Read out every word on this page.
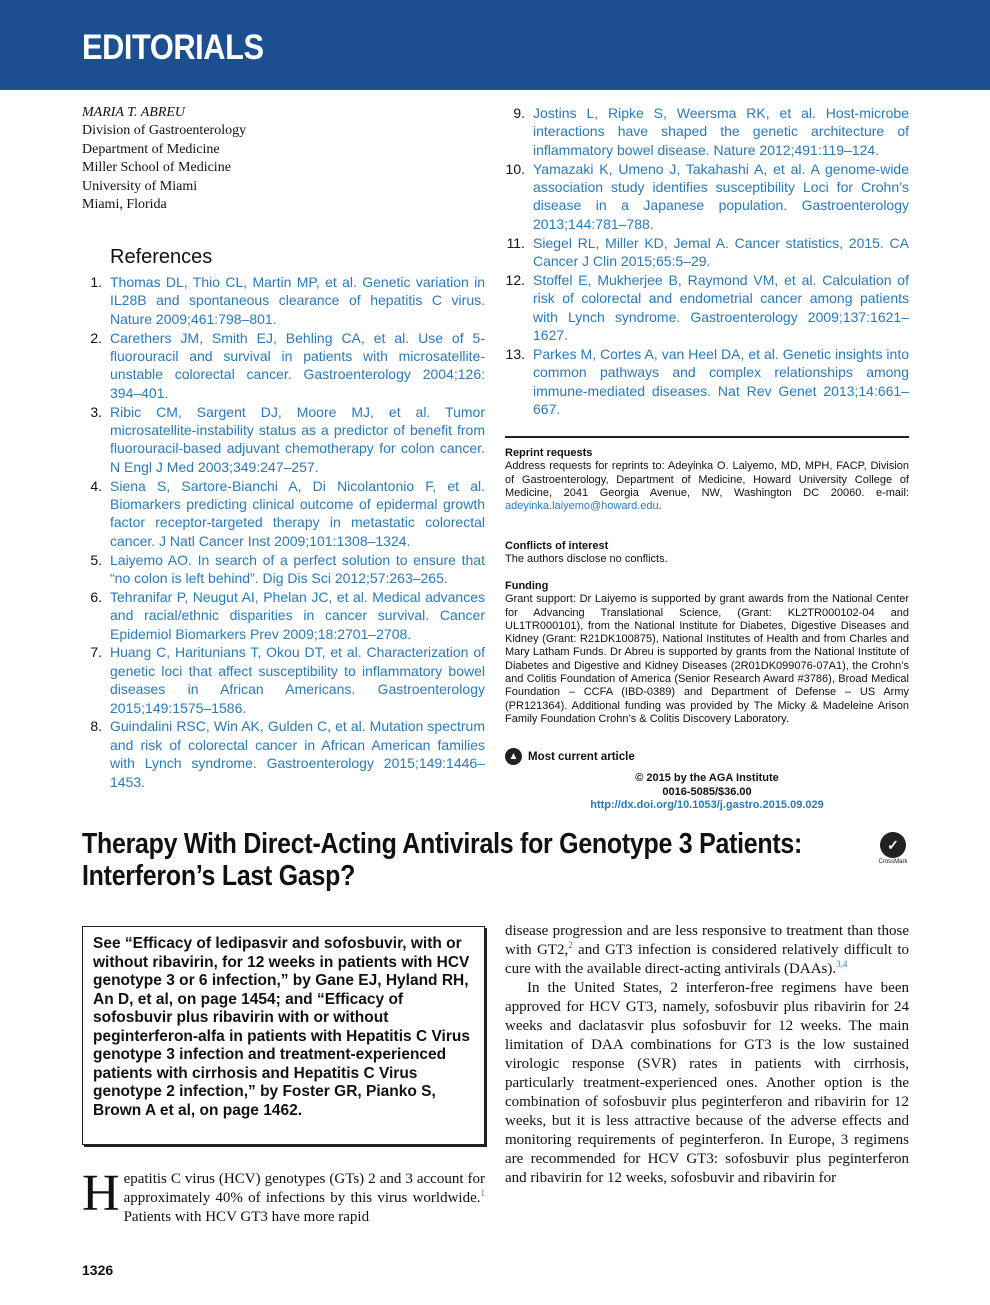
EDITORIALS
MARIA T. ABREU
Division of Gastroenterology
Department of Medicine
Miller School of Medicine
University of Miami
Miami, Florida
References
1. Thomas DL, Thio CL, Martin MP, et al. Genetic variation in IL28B and spontaneous clearance of hepatitis C virus. Nature 2009;461:798–801.
2. Carethers JM, Smith EJ, Behling CA, et al. Use of 5-fluorouracil and survival in patients with microsatellite-unstable colorectal cancer. Gastroenterology 2004;126: 394–401.
3. Ribic CM, Sargent DJ, Moore MJ, et al. Tumor microsatellite-instability status as a predictor of benefit from fluorouracil-based adjuvant chemotherapy for colon cancer. N Engl J Med 2003;349:247–257.
4. Siena S, Sartore-Bianchi A, Di Nicolantonio F, et al. Biomarkers predicting clinical outcome of epidermal growth factor receptor-targeted therapy in metastatic colorectal cancer. J Natl Cancer Inst 2009;101:1308–1324.
5. Laiyemo AO. In search of a perfect solution to ensure that “no colon is left behind”. Dig Dis Sci 2012;57:263–265.
6. Tehranifar P, Neugut AI, Phelan JC, et al. Medical advances and racial/ethnic disparities in cancer survival. Cancer Epidemiol Biomarkers Prev 2009;18:2701–2708.
7. Huang C, Haritunians T, Okou DT, et al. Characterization of genetic loci that affect susceptibility to inflammatory bowel diseases in African Americans. Gastroenterology 2015;149:1575–1586.
8. Guindalini RSC, Win AK, Gulden C, et al. Mutation spectrum and risk of colorectal cancer in African American families with Lynch syndrome. Gastroenterology 2015;149:1446–1453.
9. Jostins L, Ripke S, Weersma RK, et al. Host-microbe interactions have shaped the genetic architecture of inflammatory bowel disease. Nature 2012;491:119–124.
10. Yamazaki K, Umeno J, Takahashi A, et al. A genome-wide association study identifies susceptibility Loci for Crohn’s disease in a Japanese population. Gastroenterology 2013;144:781–788.
11. Siegel RL, Miller KD, Jemal A. Cancer statistics, 2015. CA Cancer J Clin 2015;65:5–29.
12. Stoffel E, Mukherjee B, Raymond VM, et al. Calculation of risk of colorectal and endometrial cancer among patients with Lynch syndrome. Gastroenterology 2009;137:1621–1627.
13. Parkes M, Cortes A, van Heel DA, et al. Genetic insights into common pathways and complex relationships among immune-mediated diseases. Nat Rev Genet 2013;14:661–667.
Reprint requests
Address requests for reprints to: Adeyinka O. Laiyemo, MD, MPH, FACP, Division of Gastroenterology, Department of Medicine, Howard University College of Medicine, 2041 Georgia Avenue, NW, Washington DC 20060. e-mail: adeyinka.laiyemo@howard.edu.
Conflicts of interest
The authors disclose no conflicts.
Funding
Grant support: Dr Laiyemo is supported by grant awards from the National Center for Advancing Translational Science, (Grant: KL2TR000102-04 and UL1TR000101), from the National Institute for Diabetes, Digestive Diseases and Kidney (Grant: R21DK100875), National Institutes of Health and from Charles and Mary Latham Funds. Dr Abreu is supported by grants from the National Institute of Diabetes and Digestive and Kidney Diseases (2R01DK099076-07A1), the Crohn’s and Colitis Foundation of America (Senior Research Award #3786), Broad Medical Foundation – CCFA (IBD-0389) and Department of Defense – US Army (PR121364). Additional funding was provided by The Micky & Madeleine Arison Family Foundation Crohn’s & Colitis Discovery Laboratory.
▲ Most current article
© 2015 by the AGA Institute
0016-5085/$36.00
http://dx.doi.org/10.1053/j.gastro.2015.09.029
Therapy With Direct-Acting Antivirals for Genotype 3 Patients:
Interferon’s Last Gasp?
✓
CrossMark

See “Efficacy of ledipasvir and sofosbuvir, with or without ribavirin, for 12 weeks in patients with HCV genotype 3 or 6 infection,” by Gane EJ, Hyland RH, An D, et al, on page 1454; and “Efficacy of sofosbuvir plus ribavirin with or without peginterferon-alfa in patients with Hepatitis C Virus genotype 3 infection and treatment-experienced patients with cirrhosis and Hepatitis C Virus genotype 2 infection,” by Foster GR, Pianko S, Brown A et al, on page 1462.

Hepatitis C virus (HCV) genotypes (GTs) 2 and 3 account for approximately 40% of infections by this virus worldwide.$^1$ Patients with HCV GT3 have more rapid

disease progression and are less responsive to treatment than those with GT2,$^2$ and GT3 infection is considered relatively difficult to cure with the available direct-acting antivirals (DAAs).$^{3,4}$

In the United States, 2 interferon-free regimens have been approved for HCV GT3, namely, sofosbuvir plus ribavirin for 24 weeks and daclatasvir plus sofosbuvir for 12 weeks. The main limitation of DAA combinations for GT3 is the low sustained virologic response (SVR) rates in patients with cirrhosis, particularly treatment-experienced ones. Another option is the combination of sofosbuvir plus peginterferon and ribavirin for 12 weeks, but it is less attractive because of the adverse effects and monitoring requirements of peginterferon. In Europe, 3 regimens are recommended for HCV GT3: sofosbuvir plus peginterferon and ribavirin for 12 weeks, sofosbuvir and ribavirin for

1326
